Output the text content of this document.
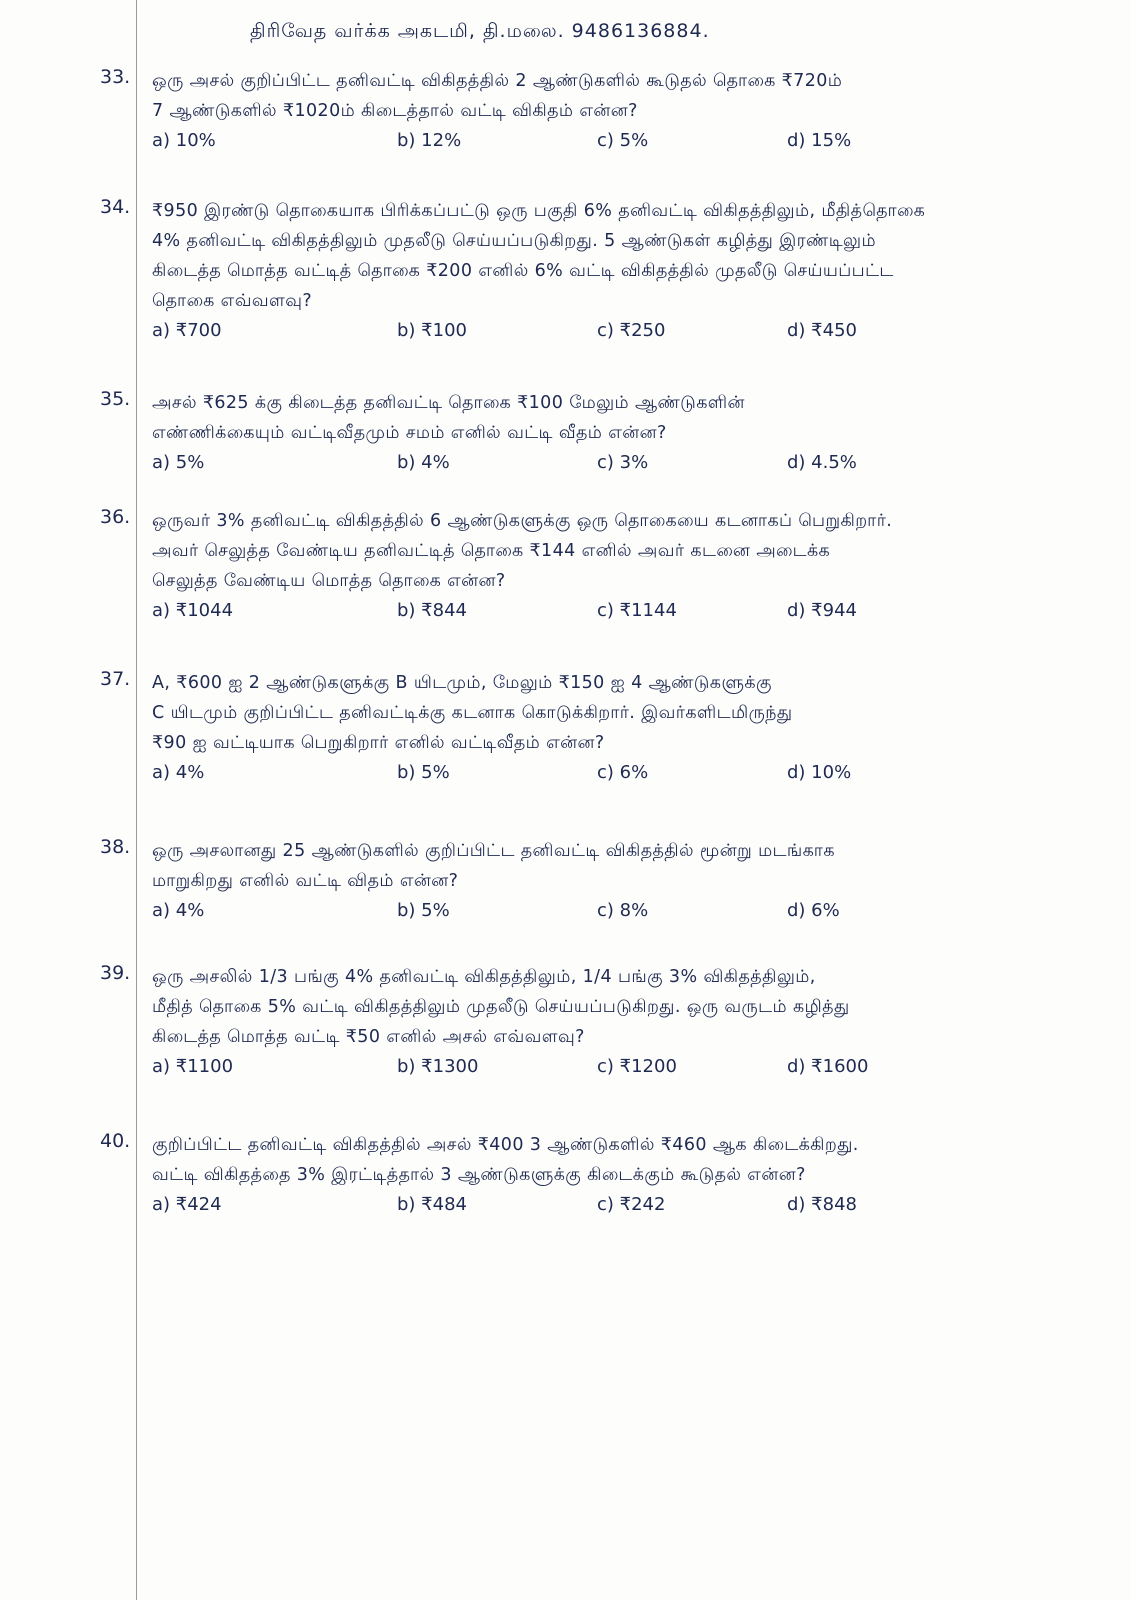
திரிவேத வர்க்க அகடமி, தி.மலை. 9486136884.
33.	ஒரு அசல் குறிப்பிட்ட தனிவட்டி விகிதத்தில் 2 ஆண்டுகளில் கூடுதல் தொகை ₹720ம்
7 ஆண்டுகளில் ₹1020ம் கிடைத்தால் வட்டி விகிதம் என்ன?
a) 10%	b) 12%	c) 5%	d) 15%
34.	₹950 இரண்டு தொகையாக பிரிக்கப்பட்டு ஒரு பகுதி 6% தனிவட்டி விகிதத்திலும், மீதித்தொகை
4% தனிவட்டி விகிதத்திலும் முதலீடு செய்யப்படுகிறது. 5 ஆண்டுகள் கழித்து இரண்டிலும்
கிடைத்த மொத்த வட்டித் தொகை ₹200 எனில் 6% வட்டி விகிதத்தில் முதலீடு செய்யப்பட்ட
தொகை எவ்வளவு?
a) ₹700	b) ₹100	c) ₹250	d) ₹450
35.	அசல் ₹625 க்கு கிடைத்த தனிவட்டி தொகை ₹100 மேலும் ஆண்டுகளின்
எண்ணிக்கையும் வட்டிவீதமும் சமம் எனில் வட்டி வீதம் என்ன?
a) 5%	b) 4%	c) 3%	d) 4.5%
36.	ஒருவர் 3% தனிவட்டி விகிதத்தில் 6 ஆண்டுகளுக்கு ஒரு தொகையை கடனாகப் பெறுகிறார்.
அவர் செலுத்த வேண்டிய தனிவட்டித் தொகை ₹144 எனில் அவர் கடனை அடைக்க
செலுத்த வேண்டிய மொத்த தொகை என்ன?
a) ₹1044	b) ₹844	c) ₹1144	d) ₹944
37.	A, ₹600 ஐ 2 ஆண்டுகளுக்கு B யிடமும், மேலும் ₹150 ஐ 4 ஆண்டுகளுக்கு
C யிடமும் குறிப்பிட்ட தனிவட்டிக்கு கடனாக கொடுக்கிறார். இவர்களிடமிருந்து
₹90 ஐ வட்டியாக பெறுகிறார் எனில் வட்டிவீதம் என்ன?
a) 4%	b) 5%	c) 6%	d) 10%
38.	ஒரு அசலானது 25 ஆண்டுகளில் குறிப்பிட்ட தனிவட்டி விகிதத்தில் மூன்று மடங்காக
மாறுகிறது எனில் வட்டி விதம் என்ன?
a) 4%	b) 5%	c) 8%	d) 6%
39.	ஒரு அசலில் 1/3 பங்கு 4% தனிவட்டி விகிதத்திலும், 1/4 பங்கு 3% விகிதத்திலும்,
மீதித் தொகை 5% வட்டி விகிதத்திலும் முதலீடு செய்யப்படுகிறது. ஒரு வருடம் கழித்து
கிடைத்த மொத்த வட்டி ₹50 எனில் அசல் எவ்வளவு?
a) ₹1100	b) ₹1300	c) ₹1200	d) ₹1600
40.	குறிப்பிட்ட தனிவட்டி விகிதத்தில் அசல் ₹400 3 ஆண்டுகளில் ₹460 ஆக கிடைக்கிறது.
வட்டி விகிதத்தை 3% இரட்டித்தால் 3 ஆண்டுகளுக்கு கிடைக்கும் கூடுதல் என்ன?
a) ₹424	b) ₹484	c) ₹242	d) ₹848
